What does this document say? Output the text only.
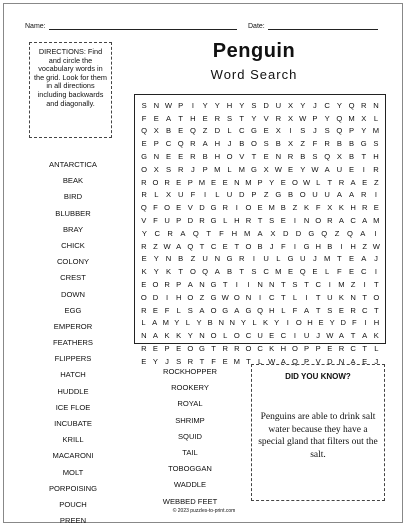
Name:	Date:
DIRECTIONS: Find and circle the vocabulary words in the grid. Look for them in all directions including backwards and diagonally.
Penguin
Word Search
S N W P	I	Y Y H Y S D U X Y	J C Y Q R N
F E A T H E R S T Y V R X W P Y Q M X L
Q X B E Q Z D L C G E X	I	S	J	S Q P Y M
E P C Q R A H J	B O S B X Z F R B B G S
G N E E R B H O V T E N R B S Q X B T H
O X S R J	P M L M G X W E Y W A U E	I	R
R O R E P M E E N M P Y E O W L T R A E Z
R L X U F	I	L U D P Z G B O U U A A R	I
Q F O E V D G R	I O E M B Z K F X K H R E
V F U P D R G L H R T S E	I	N O R A C A M
Y C R A Q T	F	H M A	X D D G Q Z Q A	I
R Z W A Q T C E T O B J F	I G H B	I	H Z W
E Y N B Z U N G R	I	U L G U J M T E A	J
K Y K T O Q A B T S C M E Q E L	F E C	I
E O R P A N G T	I	I	N N T S T C	I M Z	I	T
O D	I	H O Z G W O N	I	C T L	I	T U K N T O
R E F L S A O G A G Q H L F A T S E R C T
L A M Y L Y B N N Y L K Y I O H E Y D F	I H
N A K K Y N O L O C U E C	I	U J W A T A K
R E P E O G T R R O C K H O P P E R C T L
E Y J S R T F E M T L W A Q P V D N A E J
ANTARCTICA
BEAK
BIRD
BLUBBER
BRAY
CHICK
COLONY
CREST
DOWN
EGG
EMPEROR
FEATHERS
FLIPPERS
HATCH
HUDDLE
ICE FLOE
INCUBATE
KRILL
MACARONI
MOLT
PORPOISING
POUCH
PREEN
ROCKHOPPER
ROOKERY
ROYAL
SHRIMP
SQUID
TAIL
TOBOGGAN
WADDLE
WEBBED FEET
DID YOU KNOW?
Penguins are able to drink salt water because they have a special gland that filters out the salt.
© 2023 puzzles-to-print.com
